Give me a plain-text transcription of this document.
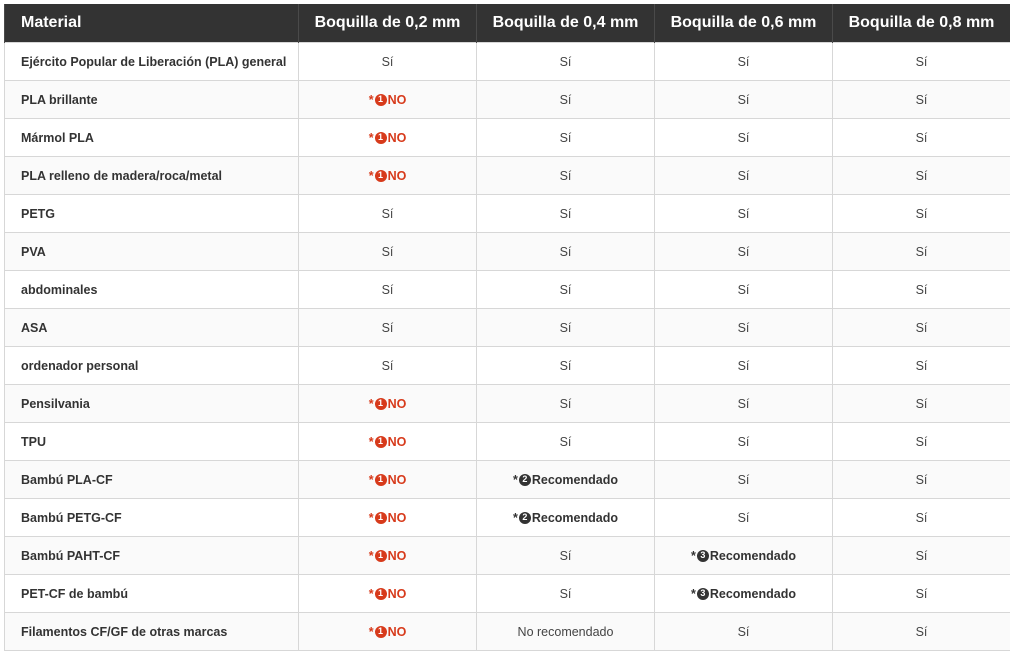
Material	Boquilla de 0,2 mm	Boquilla de 0,4 mm	Boquilla de 0,6 mm	Boquilla de 0,8 mm
Ejército Popular de Liberación (PLA) general	Sí	Sí	Sí	Sí
PLA brillante	* 1 NO	Sí	Sí	Sí
Mármol PLA	* 1 NO	Sí	Sí	Sí
PLA relleno de madera/roca/metal	* 1 NO	Sí	Sí	Sí
PETG	Sí	Sí	Sí	Sí
PVA	Sí	Sí	Sí	Sí
abdominales	Sí	Sí	Sí	Sí
ASA	Sí	Sí	Sí	Sí
ordenador personal	Sí	Sí	Sí	Sí
Pensilvania	* 1 NO	Sí	Sí	Sí
TPU	* 1 NO	Sí	Sí	Sí
Bambú PLA-CF	* 1 NO	* 2 Recomendado	Sí	Sí
Bambú PETG-CF	* 1 NO	* 2 Recomendado	Sí	Sí
Bambú PAHT-CF	* 1 NO	Sí	* 3 Recomendado	Sí
PET-CF de bambú	* 1 NO	Sí	* 3 Recomendado	Sí
Filamentos CF/GF de otras marcas	* 1 NO	No recomendado	Sí	Sí
